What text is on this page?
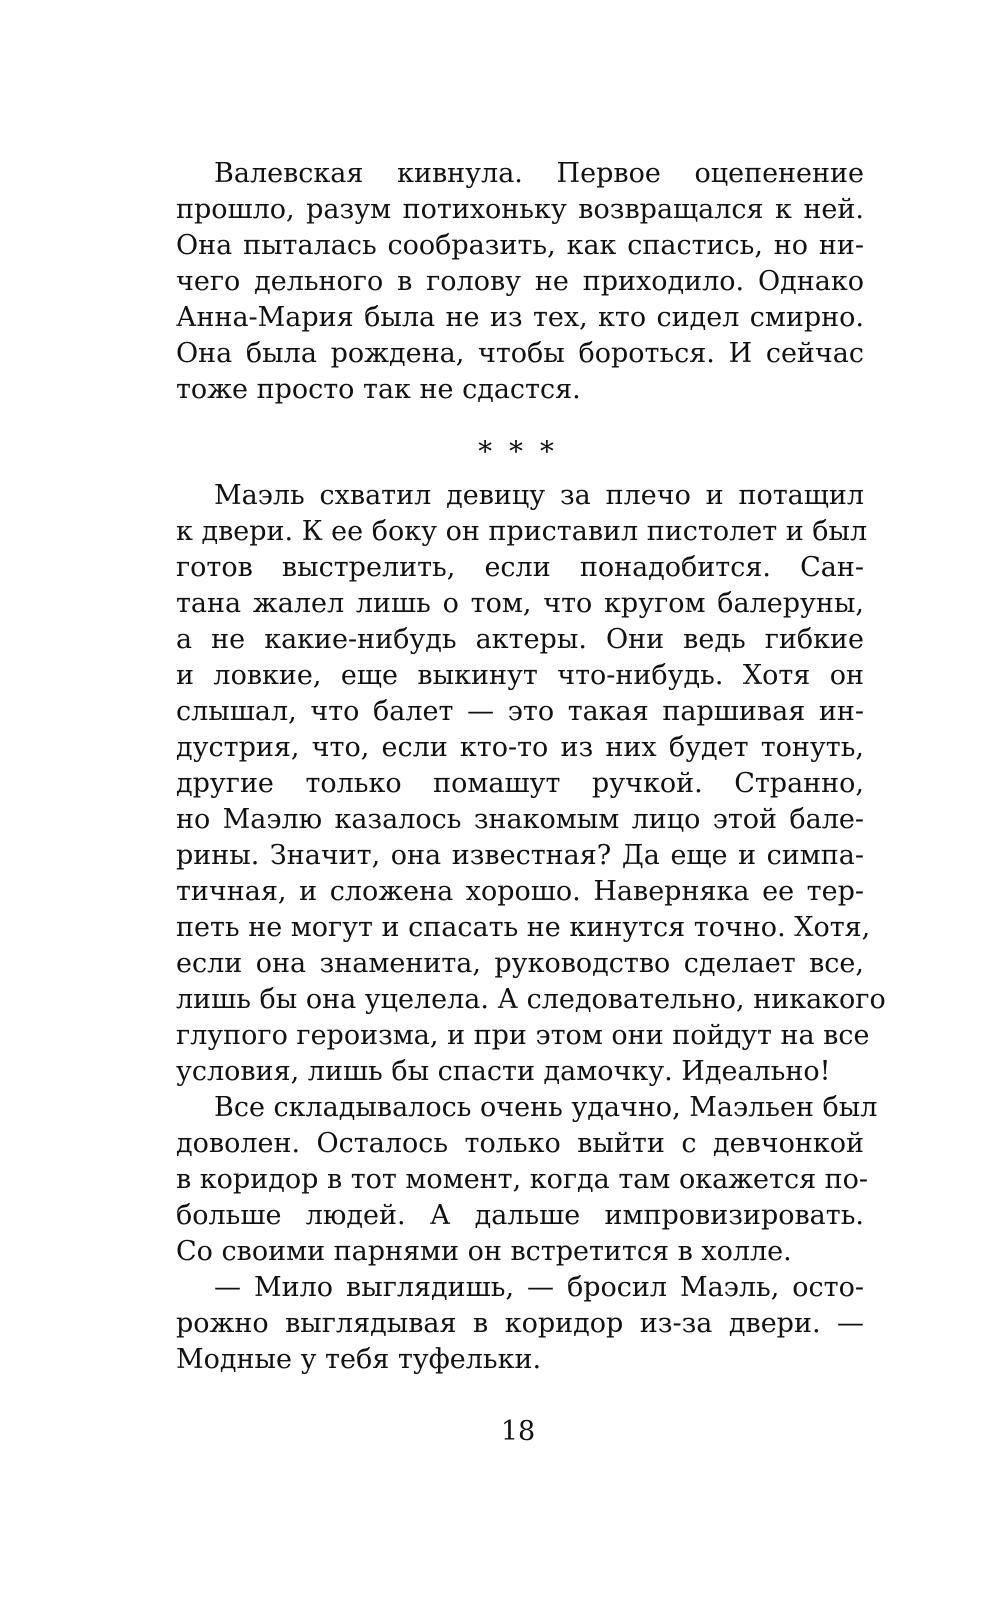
Валевская кивнула. Первое оцепенение
прошло, разум потихоньку возвращался к ней.
Она пыталась сообразить, как спастись, но ни-
чего дельного в голову не приходило. Однако
Анна-Мария была не из тех, кто сидел смирно.
Она была рождена, чтобы бороться. И сейчас
тоже просто так не сдастся.
* * *
Маэль схватил девицу за плечо и потащил
к двери. К ее боку он приставил пистолет и был
готов выстрелить, если понадобится. Сан-
тана жалел лишь о том, что кругом балеруны,
а не какие-нибудь актеры. Они ведь гибкие
и ловкие, еще выкинут что-нибудь. Хотя он
слышал, что балет — это такая паршивая ин-
дустрия, что, если кто-то из них будет тонуть,
другие только помашут ручкой. Странно,
но Маэлю казалось знакомым лицо этой бале-
рины. Значит, она известная? Да еще и симпа-
тичная, и сложена хорошо. Наверняка ее тер-
петь не могут и спасать не кинутся точно. Хотя,
если она знаменита, руководство сделает все,
лишь бы она уцелела. А следовательно, никакого
глупого героизма, и при этом они пойдут на все
условия, лишь бы спасти дамочку. Идеально!
Все складывалось очень удачно, Маэльен был
доволен. Осталось только выйти с девчонкой
в коридор в тот момент, когда там окажется по-
больше людей. А дальше импровизировать.
Со своими парнями он встретится в холле.
— Мило выглядишь, — бросил Маэль, осто-
рожно выглядывая в коридор из-за двери. —
Модные у тебя туфельки.
18
